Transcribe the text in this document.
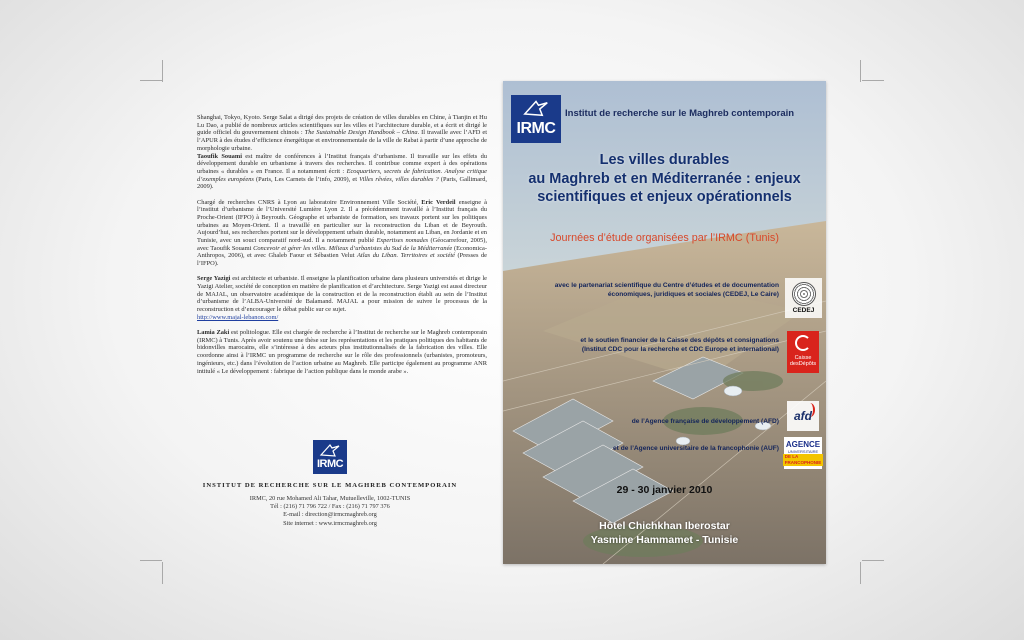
Shanghai, Tokyo, Kyoto. Serge Salat a dirigé des projets de création de villes durables en Chine, à Tianjin et Hu Lu Dao, a publié de nombreux articles scientifiques sur les villes et l’architecture durable, et a écrit et dirigé le guide officiel du gouvernement chinois : The Sustainable Design Handbook – China. Il travaille avec l’AFD et l’APUR à des études d’efficience énergétique et environnementale de la ville de Rabat à partir d’une approche de morphologie urbaine.
Taoufik Souami est maître de conférences à l’Institut français d’urbanisme. Il travaille sur les effets du développement durable en urbanisme à travers des recherches. Il contribue comme expert à des opérations urbaines « durables » en France. Il a notamment écrit : Ecoquartiers, secrets de fabrication. Analyse critique d’exemples européens (Paris, Les Carnets de l’info, 2009), et Villes rêvées, villes durables ? (Paris, Gallimard, 2009).

Chargé de recherches CNRS à Lyon au laboratoire Environnement Ville Société, Eric Verdeil enseigne à l’institut d’urbanisme de l’Université Lumière Lyon 2. Il a précédemment travaillé à l’Institut français du Proche-Orient (IFPO) à Beyrouth. Géographe et urbaniste de formation, ses travaux portent sur les politiques urbaines au Moyen-Orient. Il a travaillé en particulier sur la reconstruction du Liban et de Beyrouth. Aujourd’hui, ses recherches portent sur le développement urbain durable, notamment au Liban, en Jordanie et en Tunisie, avec un souci comparatif nord-sud. Il a notamment publié Expertises nomades (Géocarrefour, 2005), avec Taoufik Souami Concevoir et gérer les villes. Milieux d’urbanistes du Sud de la Méditerranée (Economica-Anthropos, 2006), et avec Ghaleb Faour et Sébastien Velut Atlas du Liban. Territoires et société (Presses de l’IFPO).

Serge Yazigi est architecte et urbaniste. Il enseigne la planification urbaine dans plusieurs universités et dirige le Yazigi Atelier, société de conception en matière de planification et d’architecture. Serge Yazigi est aussi directeur de MAJAL, un observatoire académique de la construction et de la reconstruction établi au sein de l’Institut d’urbanisme de l’ALBA-Université de Balamand. MAJAL a pour mission de suivre le processus de la reconstruction et d’encourager le débat public sur ce sujet.
http://www.majal-lebanon.com/

Lamia Zaki est politologue. Elle est chargée de recherche à l’Institut de recherche sur le Maghreb contemporain (IRMC) à Tunis. Après avoir soutenu une thèse sur les représentations et les pratiques politiques des habitants de bidonvilles marocains, elle s’intéresse à des acteurs plus institutionnalisés de la fabrication des villes. Elle coordonne ainsi à l’IRMC un programme de recherche sur le rôle des professionnels (urbanistes, promoteurs, ingénieurs, etc.) dans l’évolution de l’action urbaine au Maghreb. Elle participe également au programme ANR intitulé « Le développement : fabrique de l’action publique dans le monde arabe ».

IRMC
INSTITUT DE RECHERCHE SUR LE MAGHREB CONTEMPORAIN
IRMC, 20 rue Mohamed Ali Tahar, Mutuelleville, 1002-TUNIS
Tél : (216) 71 796 722 / Fax : (216) 71 797 376
E-mail : direction@irmcmaghreb.org
Site internet : www.irmcmaghreb.org
IRMC
Institut de recherche sur le Maghreb contemporain
Les villes durables
au Maghreb et en Méditerranée : enjeux
scientifiques et enjeux opérationnels
Journées d’étude organisées par l’IRMC (Tunis)
avec le partenariat scientifique du Centre d’études et de documentation
économiques, juridiques et sociales (CEDEJ, Le Caire)
CEDEJ
et le soutien financier de la Caisse des dépôts et consignations
(Institut CDC pour la recherche et CDC Europe et international)
Caisse
desDépôts
de l’Agence française de développement (AFD) afd
et de l’Agence universitaire de la francophonie (AUF) AGENCE
UNIVERSITAIRE
DE LA FRANCOPHONIE
29 - 30 janvier 2010
Hôtel Chichkhan Iberostar
Yasmine Hammamet - Tunisie
